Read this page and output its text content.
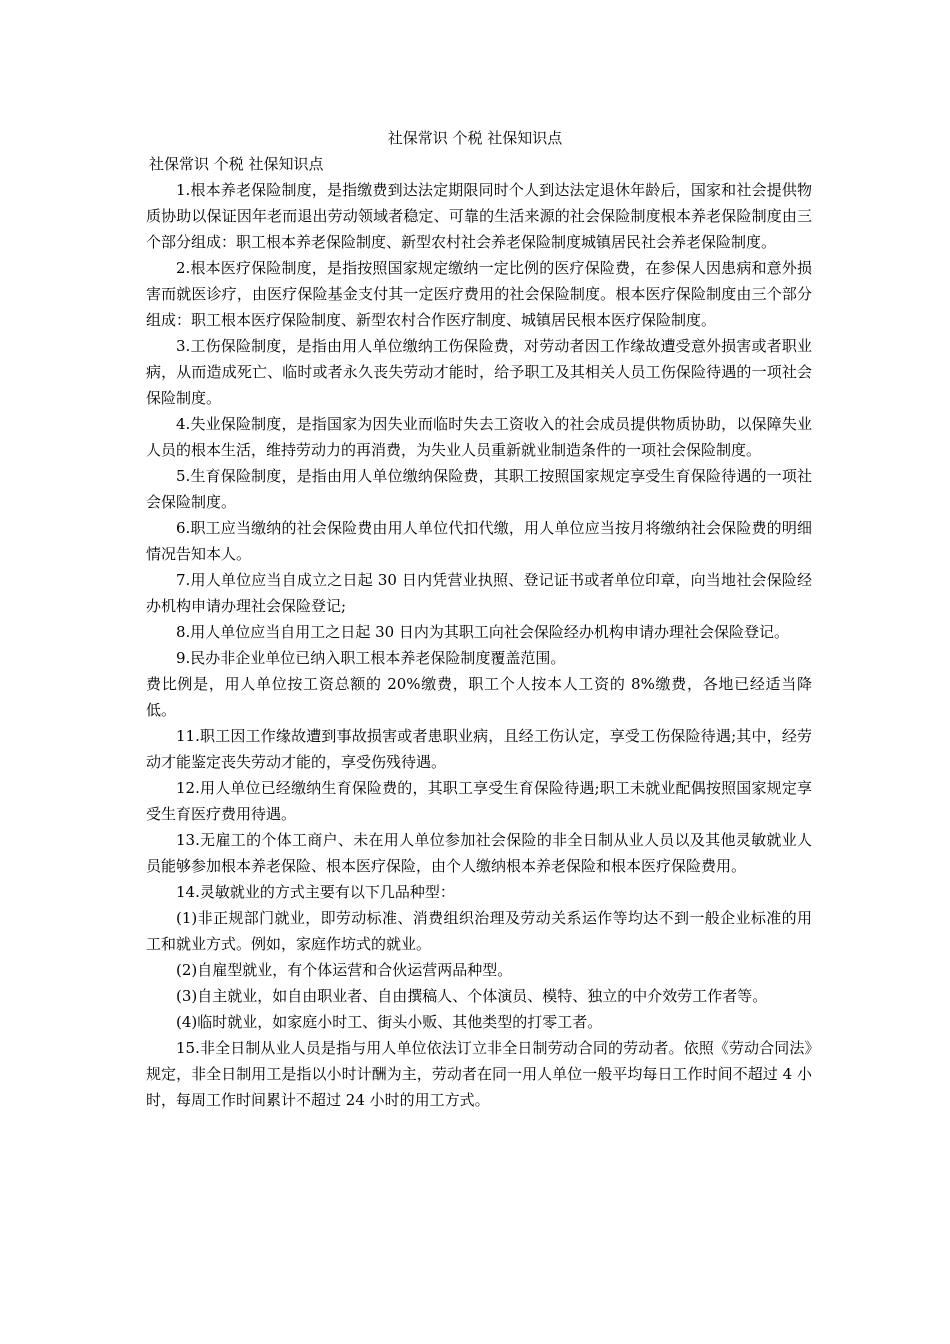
社保常识 个税 社保知识点

社保常识 个税 社保知识点

1.根本养老保险制度，是指缴费到达法定期限同时个人到达法定退休年龄后，国家和社会提供物质协助以保证因年老而退出劳动领域者稳定、可靠的生活来源的社会保险制度根本养老保险制度由三个部分组成：职工根本养老保险制度、新型农村社会养老保险制度城镇居民社会养老保险制度。

2.根本医疗保险制度，是指按照国家规定缴纳一定比例的医疗保险费，在参保人因患病和意外损害而就医诊疗，由医疗保险基金支付其一定医疗费用的社会保险制度。根本医疗保险制度由三个部分组成：职工根本医疗保险制度、新型农村合作医疗制度、城镇居民根本医疗保险制度。

3.工伤保险制度，是指由用人单位缴纳工伤保险费，对劳动者因工作缘故遭受意外损害或者职业病，从而造成死亡、临时或者永久丧失劳动才能时，给予职工及其相关人员工伤保险待遇的一项社会保险制度。

4.失业保险制度，是指国家为因失业而临时失去工资收入的社会成员提供物质协助，以保障失业人员的根本生活，维持劳动力的再消费，为失业人员重新就业制造条件的一项社会保险制度。

5.生育保险制度，是指由用人单位缴纳保险费，其职工按照国家规定享受生育保险待遇的一项社会保险制度。

6.职工应当缴纳的社会保险费由用人单位代扣代缴，用人单位应当按月将缴纳社会保险费的明细情况告知本人。

7.用人单位应当自成立之日起 30 日内凭营业执照、登记证书或者单位印章，向当地社会保险经办机构申请办理社会保险登记;

8.用人单位应当自用工之日起 30 日内为其职工向社会保险经办机构申请办理社会保险登记。

9.民办非企业单位已纳入职工根本养老保险制度覆盖范围。

费比例是，用人单位按工资总额的 20%缴费，职工个人按本人工资的 8%缴费，各地已经适当降低。

11.职工因工作缘故遭到事故损害或者患职业病，且经工伤认定，享受工伤保险待遇;其中，经劳动才能鉴定丧失劳动才能的，享受伤残待遇。

12.用人单位已经缴纳生育保险费的，其职工享受生育保险待遇;职工未就业配偶按照国家规定享受生育医疗费用待遇。

13.无雇工的个体工商户、未在用人单位参加社会保险的非全日制从业人员以及其他灵敏就业人员能够参加根本养老保险、根本医疗保险，由个人缴纳根本养老保险和根本医疗保险费用。

14.灵敏就业的方式主要有以下几品种型：

(1)非正规部门就业，即劳动标准、消费组织治理及劳动关系运作等均达不到一般企业标准的用工和就业方式。例如，家庭作坊式的就业。

(2)自雇型就业，有个体运营和合伙运营两品种型。

(3)自主就业，如自由职业者、自由撰稿人、个体演员、模特、独立的中介效劳工作者等。

(4)临时就业，如家庭小时工、街头小贩、其他类型的打零工者。

15.非全日制从业人员是指与用人单位依法订立非全日制劳动合同的劳动者。依照《劳动合同法》规定，非全日制用工是指以小时计酬为主，劳动者在同一用人单位一般平均每日工作时间不超过 4 小时，每周工作时间累计不超过 24 小时的用工方式。
